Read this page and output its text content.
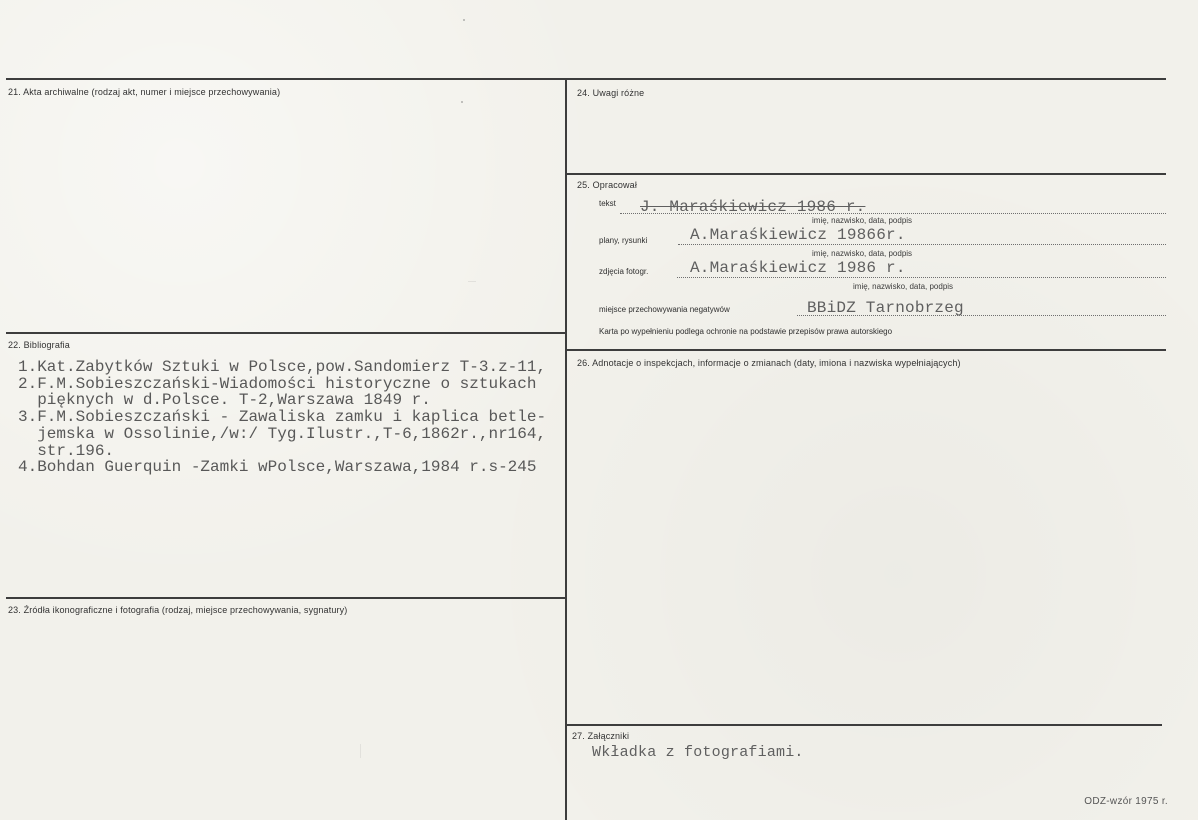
21. Akta archiwalne (rodzaj akt, numer i miejsce przechowywania)
22. Bibliografia
1.Kat.Zabytków Sztuki w Polsce,pow.Sandomierz T-3.z-11,
2.F.M.Sobieszczański-Wiadomości historyczne o sztukach
pięknych w d.Polsce. T-2,Warszawa 1849 r.
3.F.M.Sobieszczański - Zawaliska zamku i kaplica betle-
jemska w Ossolinie,/w:/ Tyg.Ilustr.,T-6,1862r.,nr164,
str.196.
4.Bohdan Guerquin -Zamki wPolsce,Warszawa,1984 r.s-245
23. Źródła ikonograficzne i fotografia (rodzaj, miejsce przechowywania, sygnatury)
24. Uwagi różne
25. Opracował
tekst J. Maraśkiewicz 1986 r.
imię, nazwisko, data, podpis
plany, rysunki	A.Maraśkiewicz 19866r.
imię, nazwisko, data, podpis
zdjęcia fotogr.	A.Maraśkiewicz 1986 r.
imię, nazwisko, data, podpis
miejsce przechowywania negatywów	BBiDZ Tarnobrzeg
Karta po wypełnieniu podlega ochronie na podstawie przepisów prawa autorskiego
26. Adnotacje o inspekcjach, informacje o zmianach (daty, imiona i nazwiska wypełniających)
27. Załączniki
Wkładka z fotografiami.
ODZ-wzór 1975 r.
